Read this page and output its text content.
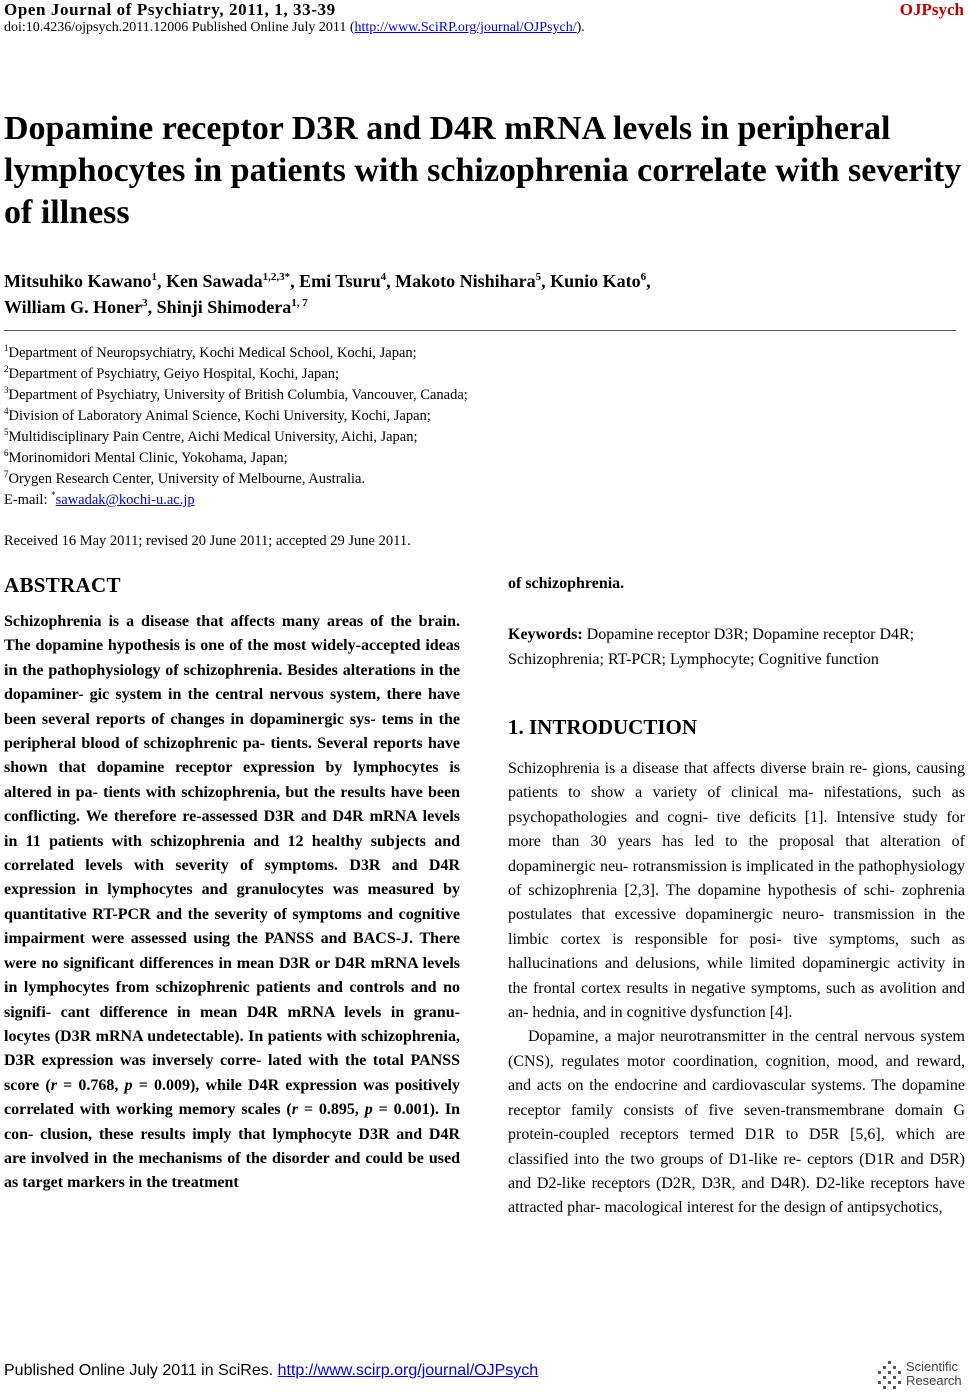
Open Journal of Psychiatry, 2011, 1, 33-39	OJPsych
doi:10.4236/ojpsych.2011.12006 Published Online July 2011 (http://www.SciRP.org/journal/OJPsych/).
Dopamine receptor D3R and D4R mRNA levels in peripheral lymphocytes in patients with schizophrenia correlate with severity of illness
Mitsuhiko Kawano$^1$, Ken Sawada$^{1,2,3*}$, Emi Tsuru$^4$, Makoto Nishihara$^5$, Kunio Kato$^6$,
William G. Honer$^3$, Shinji Shimodera$^{1, 7}$
$^1$Department of Neuropsychiatry, Kochi Medical School, Kochi, Japan;
$^2$Department of Psychiatry, Geiyo Hospital, Kochi, Japan;
$^3$Department of Psychiatry, University of British Columbia, Vancouver, Canada;
$^4$Division of Laboratory Animal Science, Kochi University, Kochi, Japan;
$^5$Multidisciplinary Pain Centre, Aichi Medical University, Aichi, Japan;
$^6$Morinomidori Mental Clinic, Yokohama, Japan;
$^7$Orygen Research Center, University of Melbourne, Australia.
E-mail: *sawadak@kochi-u.ac.jp
Received 16 May 2011; revised 20 June 2011; accepted 29 June 2011.
ABSTRACT
Schizophrenia is a disease that affects many areas of the brain. The dopamine hypothesis is one of the most widely-accepted ideas in the pathophysiology of schizophrenia. Besides alterations in the dopaminer- gic system in the central nervous system, there have been several reports of changes in dopaminergic sys- tems in the peripheral blood of schizophrenic pa- tients. Several reports have shown that dopamine receptor expression by lymphocytes is altered in pa- tients with schizophrenia, but the results have been conflicting. We therefore re-assessed D3R and D4R mRNA levels in 11 patients with schizophrenia and 12 healthy subjects and correlated levels with severity of symptoms. D3R and D4R expression in lymphocytes and granulocytes was measured by quantitative RT-PCR and the severity of symptoms and cognitive impairment were assessed using the PANSS and BACS-J. There were no significant differences in mean D3R or D4R mRNA levels in lymphocytes from schizophrenic patients and controls and no signifi- cant difference in mean D4R mRNA levels in granu- locytes (D3R mRNA undetectable). In patients with schizophrenia, D3R expression was inversely corre- lated with the total PANSS score (r = 0.768, p = 0.009), while D4R expression was positively correlated with working memory scales (r = 0.895, p = 0.001). In con- clusion, these results imply that lymphocyte D3R and D4R are involved in the mechanisms of the disorder and could be used as target markers in the treatment
of schizophrenia.
Keywords: Dopamine receptor D3R; Dopamine receptor D4R; Schizophrenia; RT-PCR; Lymphocyte; Cognitive function
1. INTRODUCTION

Schizophrenia is a disease that affects diverse brain re- gions, causing patients to show a variety of clinical ma- nifestations, such as psychopathologies and cogni- tive deficits [1]. Intensive study for more than 30 years has led to the proposal that alteration of dopaminergic neu- rotransmission is implicated in the pathophysiology of schizophrenia [2,3]. The dopamine hypothesis of schi- zophrenia postulates that excessive dopaminergic neuro- transmission in the limbic cortex is responsible for posi- tive symptoms, such as hallucinations and delusions, while limited dopaminergic activity in the frontal cortex results in negative symptoms, such as avolition and an- hednia, and in cognitive dysfunction [4].

Dopamine, a major neurotransmitter in the central nervous system (CNS), regulates motor coordination, cognition, mood, and reward, and acts on the endocrine and cardiovascular systems. The dopamine receptor family consists of five seven-transmembrane domain G protein-coupled receptors termed D1R to D5R [5,6], which are classified into the two groups of D1-like re- ceptors (D1R and D5R) and D2-like receptors (D2R, D3R, and D4R). D2-like receptors have attracted phar- macological interest for the design of antipsychotics,

Published Online July 2011 in SciRes. http://www.scirp.org/journal/OJPsych	Scientific
Research
